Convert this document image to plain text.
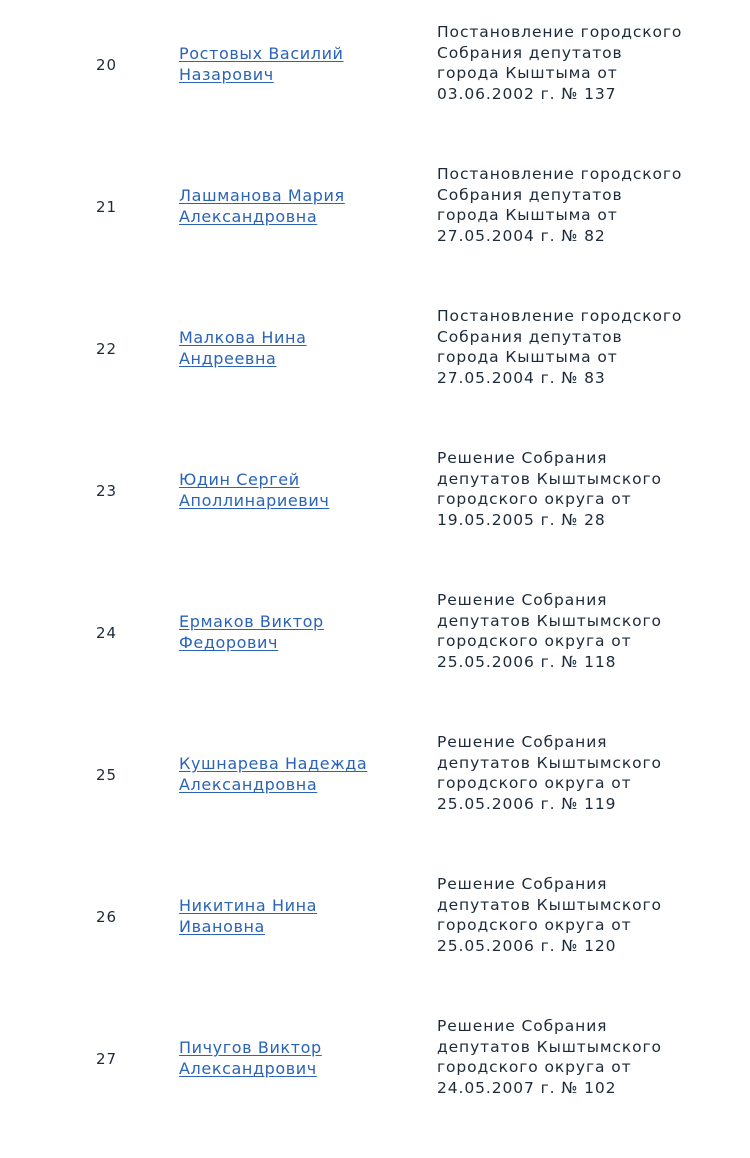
20
Ростовых Василий
Назарович
Постановление городского
Собрания депутатов
города Кыштыма от
03.06.2002 г. № 137
21
Лашманова Мария
Александровна
Постановление городского
Собрания депутатов
города Кыштыма от
27.05.2004 г. № 82
22
Малкова Нина
Андреевна
Постановление городского
Собрания депутатов
города Кыштыма от
27.05.2004 г. № 83
23
Юдин Сергей
Аполлинариевич
Решение Собрания
депутатов Кыштымского
городского округа от
19.05.2005 г. № 28
24
Ермаков Виктор
Федорович
Решение Собрания
депутатов Кыштымского
городского округа от
25.05.2006 г. № 118
25
Кушнарева Надежда
Александровна
Решение Собрания
депутатов Кыштымского
городского округа от
25.05.2006 г. № 119
26
Никитина Нина
Ивановна
Решение Собрания
депутатов Кыштымского
городского округа от
25.05.2006 г. № 120
27
Пичугов Виктор
Александрович
Решение Собрания
депутатов Кыштымского
городского округа от
24.05.2007 г. № 102
